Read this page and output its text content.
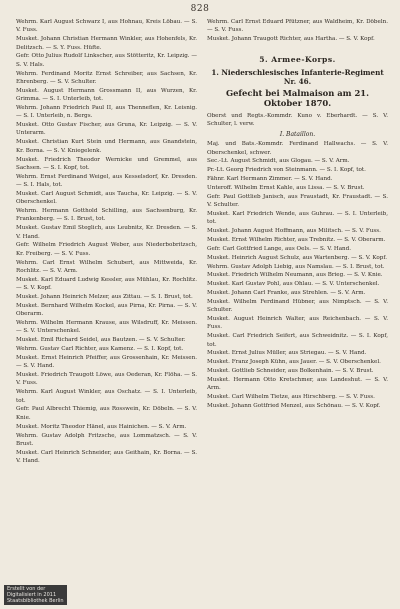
828

Wehrm. Karl August Schwarz I, aus Hohnau, Kreis Löbau. — S. V. Fuss.

Musket. Johann Christian Hermann Winkler, aus Hohenfels, Kr. Delitzsch. — S. Y. Fuss. Hüfte.

Gefr. Otto Julius Rudolf Linkscher, aus Stötteritz, Kr. Leipzig. — S. V. Hals.

Wehrm. Ferdinand Moritz Ernst Schreiber, aus Sachsen, Kr. Ehrenberg. — S. V. Schulter.

Musket. August Hermann Grossmann II, aus Wurzen, Kr. Grimma. — S. I. Unterleib, tot.

Wehrm. Johann Friedrich Paul II, aus Thenneflen, Kr. Leisnig. — S. I. Unterleib, n. Bergs.

Musket. Otto Gustav Fischer, aus Gruna, Kr. Leipzig. — S. V. Unterarm.

Musket. Christian Kurt Stein und Hermann, aus Gnandstein, Kr. Borna. — S. V. Kniegelenk.

Musket. Friedrich Theodor Wernicke und Gremmel, aus Sachsen. — S. I. Kopf, tot.

Wehrm. Ernst Ferdinand Weigel, aus Kesselsdorf, Kr. Dresden. — S. I. Hals, tot.

Musket. Carl August Schmidt, aus Taucha, Kr. Leipzig. — S. V. Oberschenkel.

Wehrm. Hermann Gotthold Schilling, aus Sachsenburg, Kr. Frankenberg. — S. I. Brust, tot.

Musket. Gustav Emil Steglich, aus Leubnitz, Kr. Dresden. — S. V. Hand.

Gefr. Wilhelm Friedrich August Weber, aus Niederbobritzsch, Kr. Freiberg. — S. V. Fuss.

Wehrm. Carl Ernst Wilhelm Schubert, aus Mittweida, Kr. Rochlitz. — S. V. Arm.

Musket. Karl Eduard Ludwig Kessler, aus Mühlau, Kr. Rochlitz. — S. V. Kopf.

Musket. Johann Heinrich Melzer, aus Zittau. — S. I. Brust, tot.

Musket. Bernhard Wilhelm Kockel, aus Pirna, Kr. Pirna. — S. V. Oberarm.

Wehrm. Wilhelm Hermann Krause, aus Wilsdruff, Kr. Meissen. — S. V. Unterschenkel.

Musket. Emil Richard Seidel, aus Bautzen. — S. V. Schulter.

Wehrm. Gustav Carl Richter, aus Kamenz. — S. I. Kopf, tot.

Musket. Ernst Heinrich Pfeiffer, aus Grossenhain, Kr. Meissen. — S. V. Hand.

Musket. Friedrich Traugott Löwe, aus Oederan, Kr. Flöha. — S. V. Fuss.

Wehrm. Karl August Winkler, aus Oschatz. — S. I. Unterleib, tot.

Gefr. Paul Albrecht Thiemig, aus Rosswein, Kr. Döbeln. — S. V. Knie.

Musket. Moritz Theodor Hänel, aus Hainichen. — S. V. Arm.

Wehrm. Gustav Adolph Fritzsche, aus Lommatzsch. — S. V. Brust.

Musket. Carl Heinrich Schneider, aus Geithain, Kr. Borna. — S. V. Hand.

Wehrm. Carl Ernst Eduard Pfützner, aus Waldheim, Kr. Döbeln. — S. V. Fuss.

Musket. Johann Traugott Richter, aus Hartha. — S. V. Kopf.

5. Armee-Korps.
1. Niederschlesisches Infanterie-Regiment Nr. 46.
Gefecht bei Malmaison am 21. Oktober 1870.

Oberst und Regts.-Kommdr. Kuno v. Eberhardt. — S. V. Schulter, l. verw.

I. Bataillon.

Maj. und Bats.-Kommdr. Ferdinand Hallwachs. — S. V. Oberschenkel, schwer.

Sec.-Lt. August Schmidt, aus Glogau. — S. V. Arm.

Pr.-Lt. Georg Friedrich von Steinmann. — S. I. Kopf, tot.

Fähnr. Karl Hermann Zimmer. — S. V. Hand.

Unteroff. Wilhelm Ernst Kahle, aus Lissa. — S. V. Brust.

Gefr. Paul Gottlieb Janisch, aus Fraustadt, Kr. Fraustadt. — S. V. Schulter.

Musket. Karl Friedrich Wende, aus Guhrau. — S. I. Unterleib, tot.

Musket. Johann August Hoffmann, aus Militsch. — S. V. Fuss.

Musket. Ernst Wilhelm Richter, aus Trebnitz. — S. V. Oberarm.

Gefr. Carl Gottfried Lange, aus Oels. — S. V. Hand.

Musket. Heinrich August Schulz, aus Wartenberg. — S. V. Kopf.

Wehrm. Gustav Adolph Liebig, aus Namslau. — S. I. Brust, tot.

Musket. Friedrich Wilhelm Neumann, aus Brieg. — S. V. Knie.

Musket. Karl Gustav Pohl, aus Ohlau. — S. V. Unterschenkel.

Musket. Johann Carl Franke, aus Strehlen. — S. V. Arm.

Musket. Wilhelm Ferdinand Hübner, aus Nimptsch. — S. V. Schulter.

Musket. August Heinrich Walter, aus Reichenbach. — S. V. Fuss.

Musket. Carl Friedrich Seifert, aus Schweidnitz. — S. I. Kopf, tot.

Musket. Ernst Julius Müller, aus Striegau. — S. V. Hand.

Musket. Franz Joseph Kühn, aus Jauer. — S. V. Oberschenkel.

Musket. Gottlieb Schneider, aus Bolkenhain. — S. V. Brust.

Musket. Hermann Otto Kretschmer, aus Landeshut. — S. V. Arm.

Musket. Carl Wilhelm Tietze, aus Hirschberg. — S. V. Fuss.

Musket. Johann Gottfried Menzel, aus Schönau. — S. V. Kopf.

Erstellt von der
Digitalisiert in 2011
Staatsbibliothek Berlin
